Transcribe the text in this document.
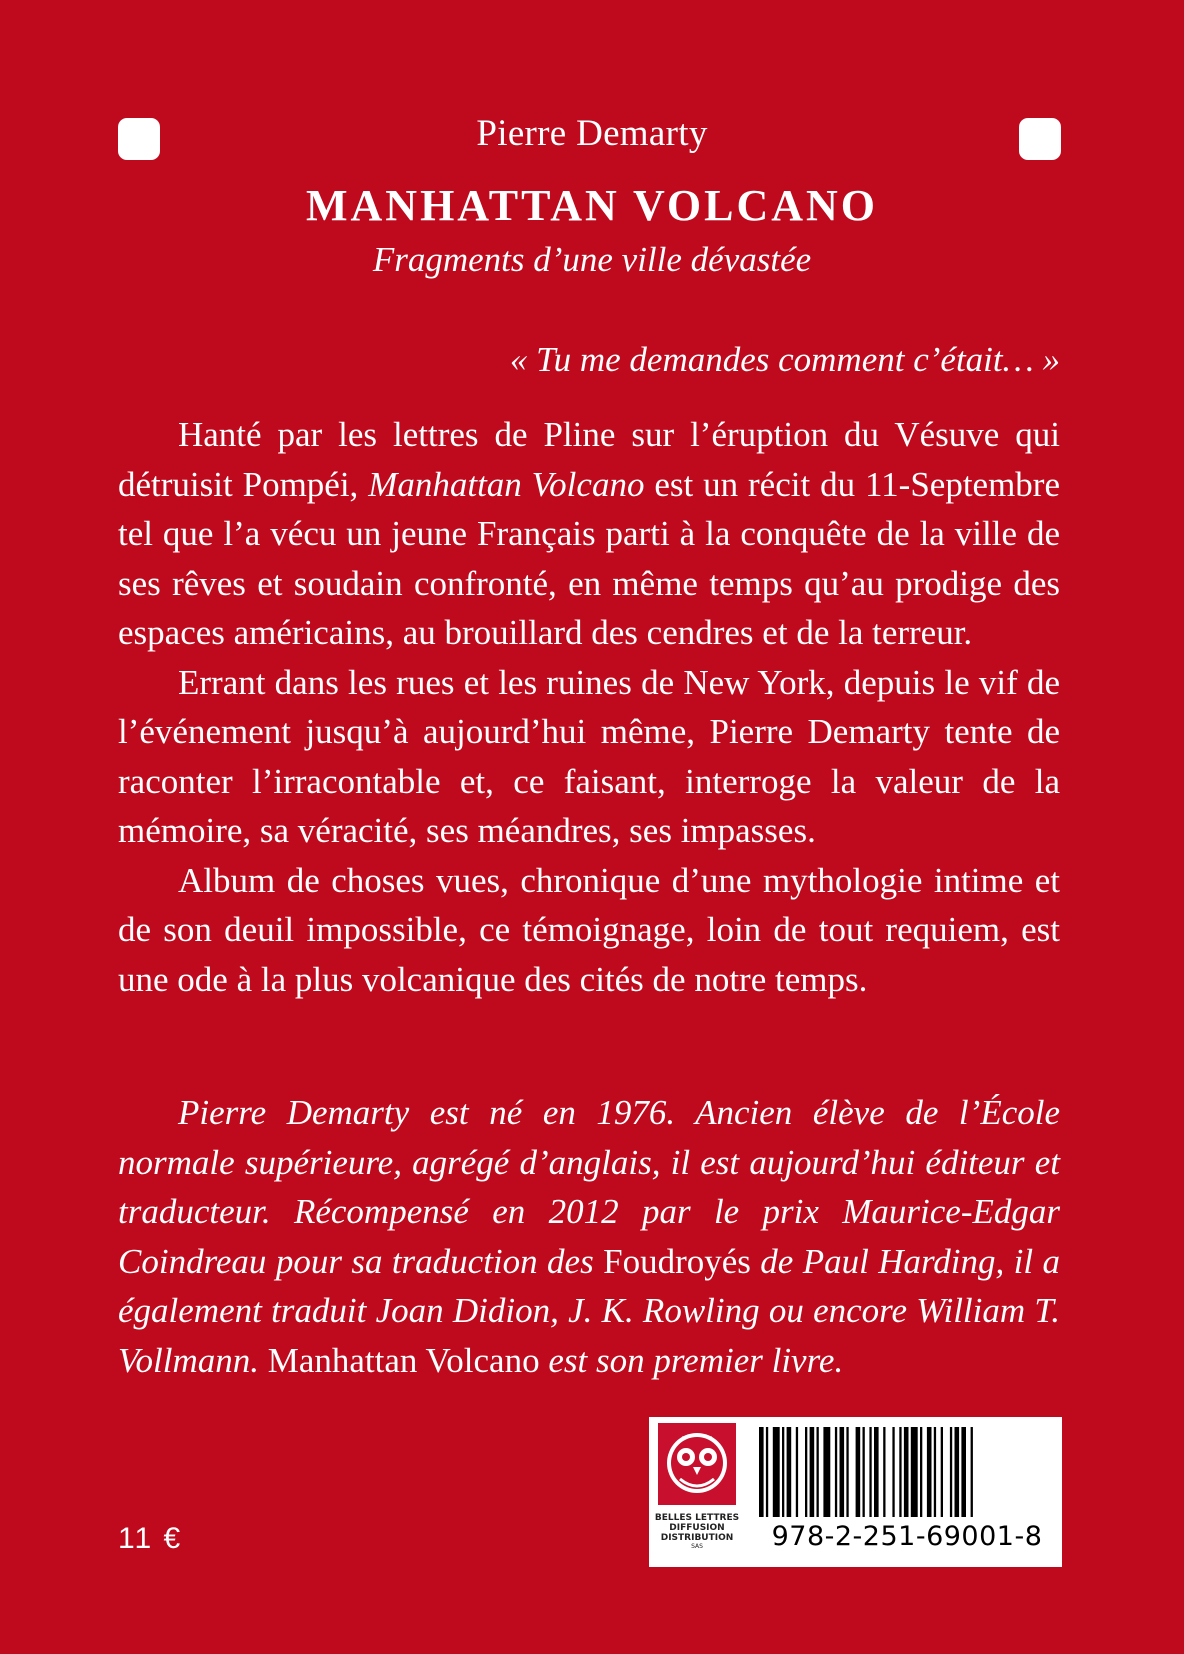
Pierre Demarty
MANHATTAN VOLCANO
Fragments d’une ville dévastée
« Tu me demandes comment c’était… »

Hanté par les lettres de Pline sur l’éruption du Vésuve qui détruisit Pompéi, Manhattan Volcano est un récit du 11-Septembre tel que l’a vécu un jeune Français parti à la conquête de la ville de ses rêves et soudain confronté, en même temps qu’au prodige des espaces américains, au brouillard des cendres et de la terreur.

Errant dans les rues et les ruines de New York, depuis le vif de l’événement jusqu’à aujourd’hui même, Pierre Demarty tente de raconter l’irracontable et, ce faisant, interroge la valeur de la mémoire, sa véracité, ses méandres, ses impasses.

Album de choses vues, chronique d’une mythologie intime et de son deuil impossible, ce témoignage, loin de tout requiem, est une ode à la plus volcanique des cités de notre temps.

Pierre Demarty est né en 1976. Ancien élève de l’École normale supérieure, agrégé d’anglais, il est aujourd’hui éditeur et traducteur. Récompensé en 2012 par le prix Maurice-Edgar Coindreau pour sa traduction des Foudroyés de Paul Harding, il a également traduit Joan Didion, J. K. Rowling ou encore William T. Vollmann. Manhattan Volcano est son premier livre.

11 €
BELLES LETTRES
DIFFUSION
DISTRIBUTION
SAS	978-2-251-69001-8
